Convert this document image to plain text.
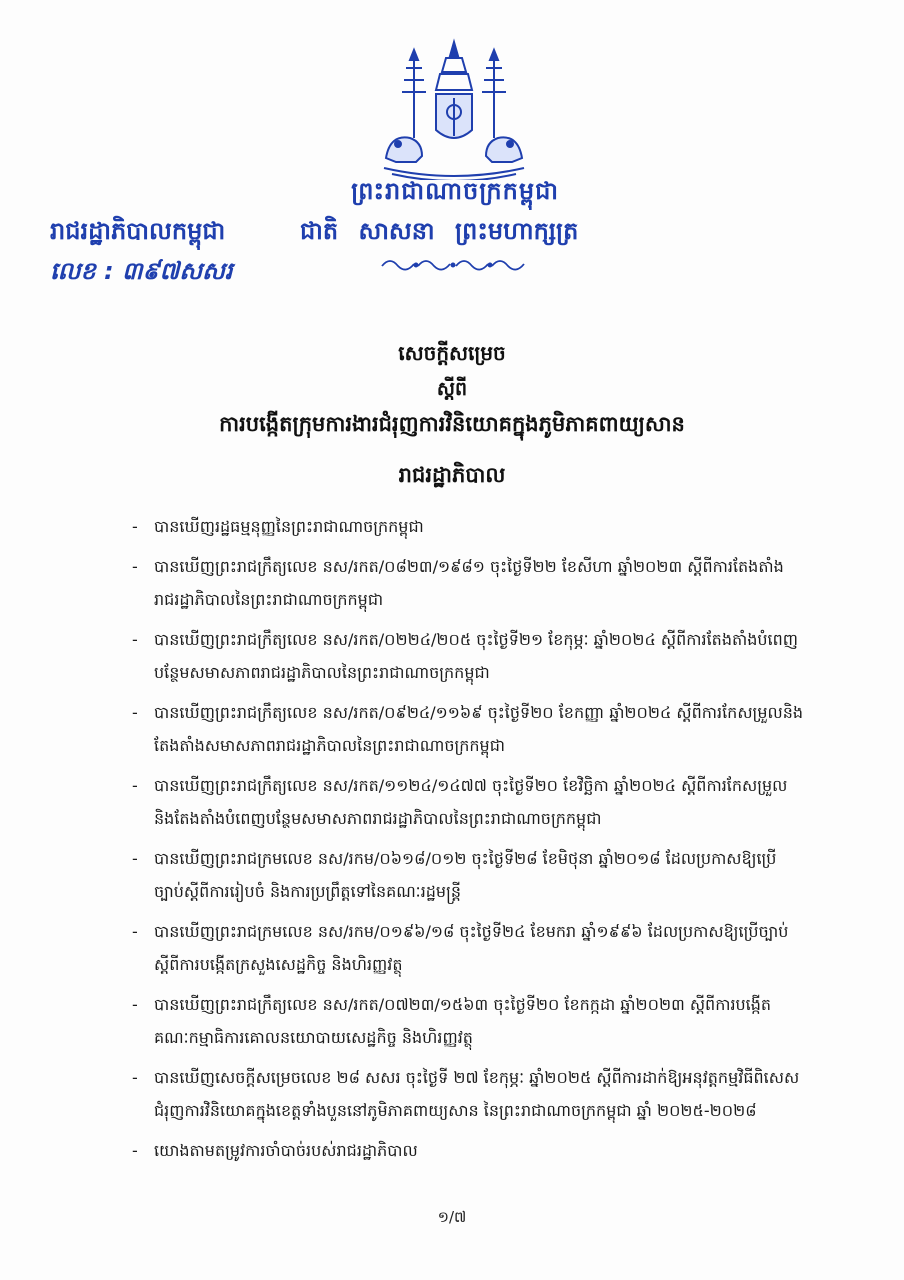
ព្រះរាជាណាចក្រកម្ពុជា
ជាតិ សាសនា ព្រះមហាក្សត្រ
រាជរដ្ឋាភិបាលកម្ពុជា
លេខ : ៣៩៧សសរ
សេចក្តីសម្រេច
ស្តីពី
ការបង្កើតក្រុមការងារជំរុញការវិនិយោគក្នុងភូមិភាគពាយ្យសាន
រាជរដ្ឋាភិបាល
- បានឃើញរដ្ឋធម្មនុញ្ញនៃព្រះរាជាណាចក្រកម្ពុជា
- បានឃើញព្រះរាជក្រឹត្យលេខ នស/រកត/០៨២៣/១៩៨១ ចុះថ្ងៃទី២២ ខែសីហា ឆ្នាំ២០២៣ ស្តីពីការតែងតាំងរាជរដ្ឋាភិបាលនៃព្រះរាជាណាចក្រកម្ពុជា
- បានឃើញព្រះរាជក្រឹត្យលេខ នស/រកត/០២២៤/២០៥ ចុះថ្ងៃទី២១ ខែកុម្ភៈ ឆ្នាំ២០២៤ ស្តីពីការតែងតាំងបំពេញបន្ថែមសមាសភាពរាជរដ្ឋាភិបាលនៃព្រះរាជាណាចក្រកម្ពុជា
- បានឃើញព្រះរាជក្រឹត្យលេខ នស/រកត/០៩២៤/១១៦៩ ចុះថ្ងៃទី២០ ខែកញ្ញា ឆ្នាំ២០២៤ ស្តីពីការកែសម្រួលនិងតែងតាំងសមាសភាពរាជរដ្ឋាភិបាលនៃព្រះរាជាណាចក្រកម្ពុជា
- បានឃើញព្រះរាជក្រឹត្យលេខ នស/រកត/១១២៤/១៤៧៧ ចុះថ្ងៃទី២០ ខែវិច្ឆិកា ឆ្នាំ២០២៤ ស្តីពីការកែសម្រួលនិងតែងតាំងបំពេញបន្ថែមសមាសភាពរាជរដ្ឋាភិបាលនៃព្រះរាជាណាចក្រកម្ពុជា
- បានឃើញព្រះរាជក្រមលេខ នស/រកម/០៦១៨/០១២ ចុះថ្ងៃទី២៨ ខែមិថុនា ឆ្នាំ២០១៨ ដែលប្រកាសឱ្យប្រើច្បាប់ស្តីពីការរៀបចំ និងការប្រព្រឹត្តទៅនៃគណៈរដ្ឋមន្ត្រី
- បានឃើញព្រះរាជក្រមលេខ នស/រកម/០១៩៦/១៨ ចុះថ្ងៃទី២៤ ខែមករា ឆ្នាំ១៩៩៦ ដែលប្រកាសឱ្យប្រើច្បាប់ស្តីពីការបង្កើតក្រសួងសេដ្ឋកិច្ច និងហិរញ្ញវត្ថុ
- បានឃើញព្រះរាជក្រឹត្យលេខ នស/រកត/០៧២៣/១៥៦៣ ចុះថ្ងៃទី២០ ខែកក្កដា ឆ្នាំ២០២៣ ស្តីពីការបង្កើតគណៈកម្មាធិការគោលនយោបាយសេដ្ឋកិច្ច និងហិរញ្ញវត្ថុ
- បានឃើញសេចក្តីសម្រេចលេខ ២៨ សសរ ចុះថ្ងៃទី ២៧ ខែកុម្ភៈ ឆ្នាំ២០២៥ ស្តីពីការដាក់ឱ្យអនុវត្តកម្មវិធីពិសេសជំរុញការវិនិយោគក្នុងខេត្តទាំងបួននៅភូមិភាគពាយ្យសាន នៃព្រះរាជាណាចក្រកម្ពុជា ឆ្នាំ ២០២៥-២០២៨
- យោងតាមតម្រូវការចាំបាច់របស់រាជរដ្ឋាភិបាល
១/៧
